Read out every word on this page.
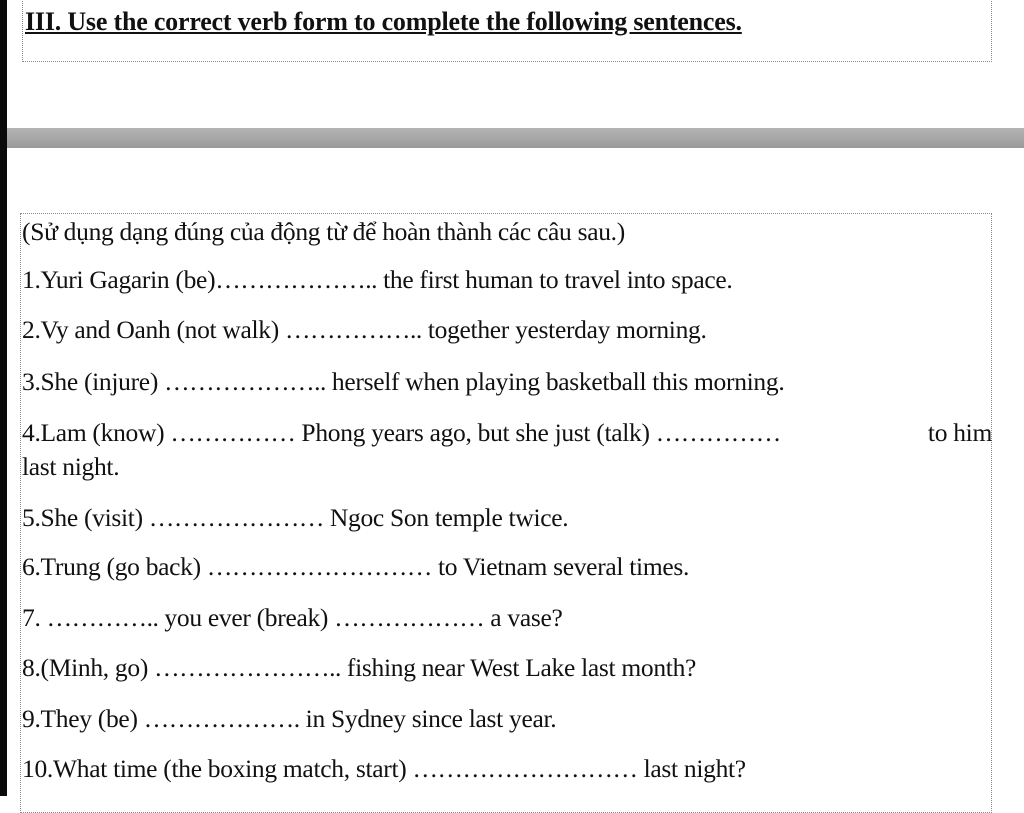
III. Use the correct verb form to complete the following sentences.

(Sử dụng dạng đúng của động từ để hoàn thành các câu sau.)

1.Yuri Gagarin (be)……………….. the first human to travel into space.

2.Vy and Oanh (not walk) …………….. together yesterday morning.

3.She (injure) ……………….. herself when playing basketball this morning.

4.Lam (know) …………… Phong years ago, but she just (talk) ……………	to him
last night.

5.She (visit) ………………… Ngoc Son temple twice.

6.Trung (go back) ……………………… to Vietnam several times.

7. ………….. you ever (break) ……………… a vase?

8.(Minh, go) ………………….. fishing near West Lake last month?

9.They (be) ………………. in Sydney since last year.

10.What time (the boxing match, start) ……………………… last night?
